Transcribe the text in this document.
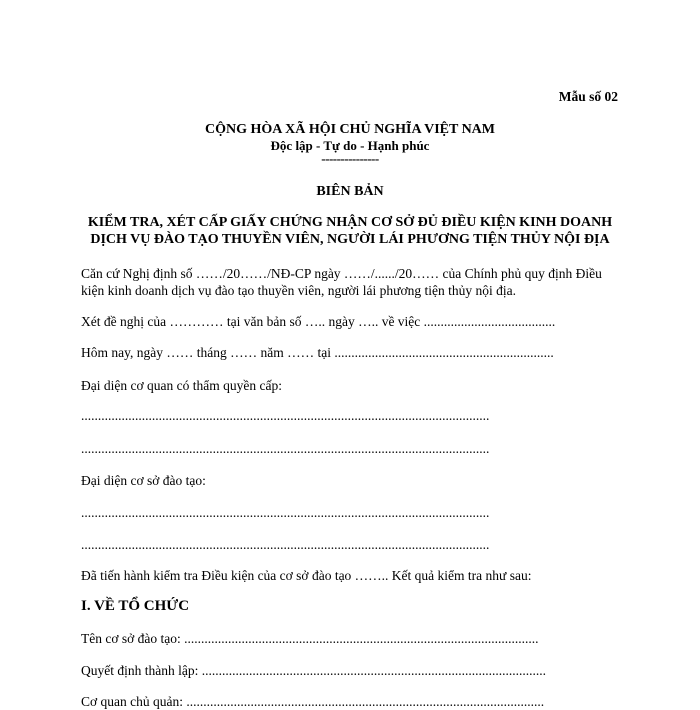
Mẫu số 02
CỘNG HÒA XÃ HỘI CHỦ NGHĨA VIỆT NAM
Độc lập - Tự do - Hạnh phúc
---------------
BIÊN BẢN
KIỂM TRA, XÉT CẤP GIẤY CHỨNG NHẬN CƠ SỞ ĐỦ ĐIỀU KIỆN KINH DOANH
DỊCH VỤ ĐÀO TẠO THUYỀN VIÊN, NGƯỜI LÁI PHƯƠNG TIỆN THỦY NỘI ĐỊA
Căn cứ Nghị định số ……/20……/NĐ-CP ngày ……/....../20…… của Chính phủ quy định Điều
kiện kinh doanh dịch vụ đào tạo thuyền viên, người lái phương tiện thủy nội địa.
Xét đề nghị của ………… tại văn bản số ….. ngày ….. về việc .......................................
Hôm nay, ngày …… tháng …… năm …… tại .................................................................
Đại diện cơ quan có thẩm quyền cấp:
.........................................................................................................................
.........................................................................................................................
Đại diện cơ sở đào tạo:
.........................................................................................................................
.........................................................................................................................
Đã tiến hành kiểm tra Điều kiện của cơ sở đào tạo …….. Kết quả kiểm tra như sau:
I. VỀ TỔ CHỨC
Tên cơ sở đào tạo: .........................................................................................................
Quyết định thành lập: ......................................................................................................
Cơ quan chủ quản: ..........................................................................................................
